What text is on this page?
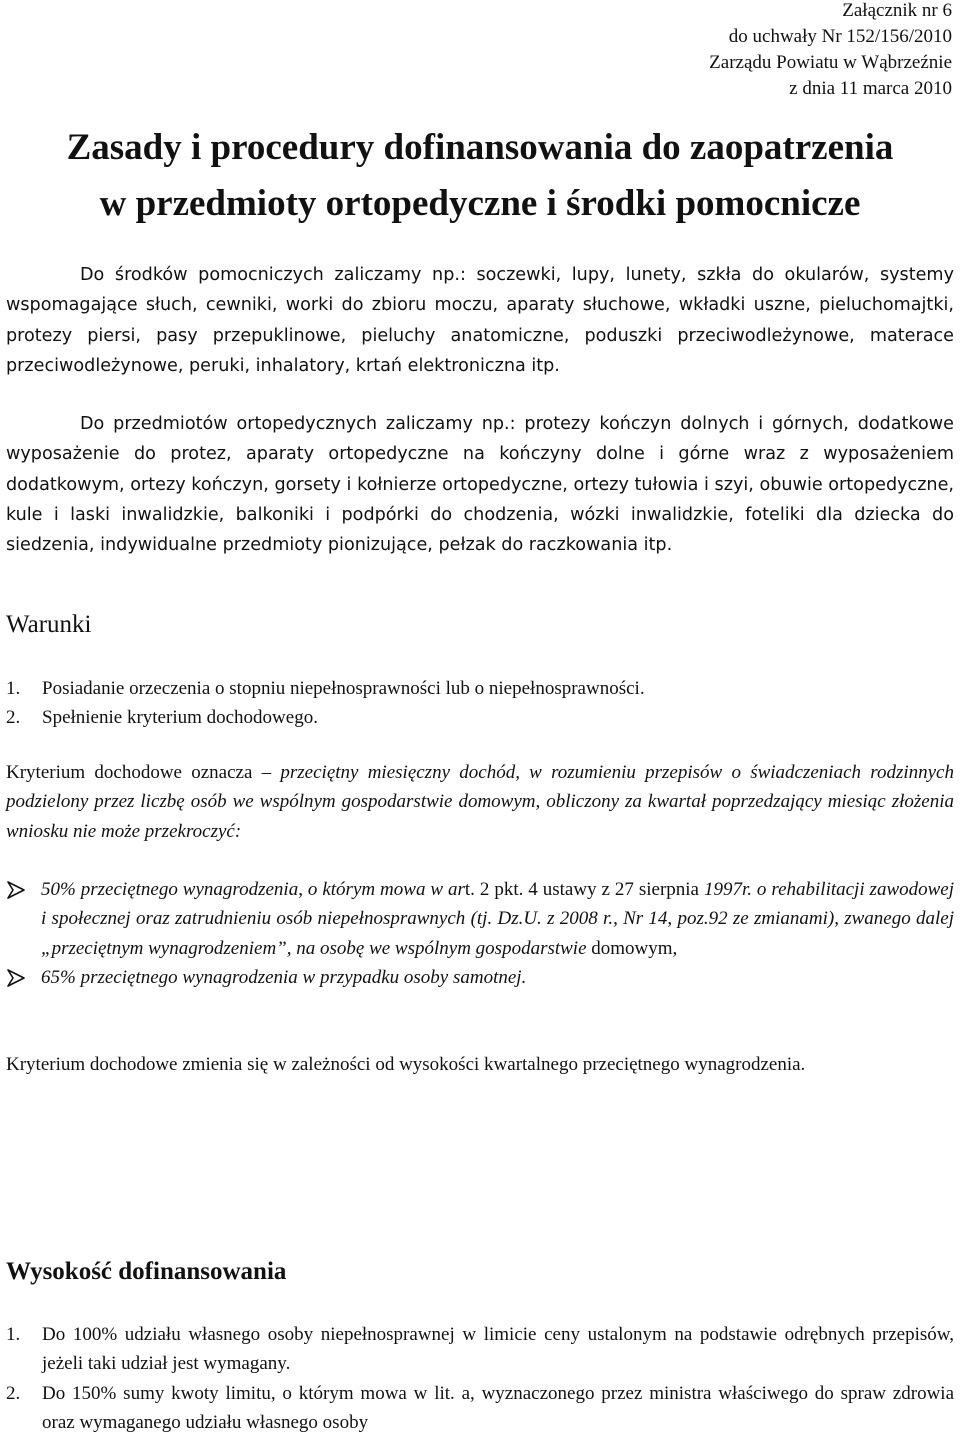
Załącznik nr 6
do uchwały Nr 152/156/2010
Zarządu Powiatu w Wąbrzeźnie
z dnia 11 marca 2010
Zasady i procedury dofinansowania do zaopatrzenia
w przedmioty ortopedyczne i środki pomocnicze

Do środków pomocniczych zaliczamy np.: soczewki, lupy, lunety, szkła do okularów, systemy wspomagające słuch, cewniki, worki do zbioru moczu, aparaty słuchowe, wkładki uszne, pieluchomajtki, protezy piersi, pasy przepuklinowe, pieluchy anatomiczne, poduszki przeciwodleżynowe, materace przeciwodleżynowe, peruki, inhalatory, krtań elektroniczna itp.

Do przedmiotów ortopedycznych zaliczamy np.: protezy kończyn dolnych i górnych, dodatkowe wyposażenie do protez, aparaty ortopedyczne na kończyny dolne i górne wraz z wyposażeniem dodatkowym, ortezy kończyn, gorsety i kołnierze ortopedyczne, ortezy tułowia i szyi, obuwie ortopedyczne, kule i laski inwalidzkie, balkoniki i podpórki do chodzenia, wózki inwalidzkie, foteliki dla dziecka do siedzenia, indywidualne przedmioty pionizujące, pełzak do raczkowania itp.

Warunki
1. Posiadanie orzeczenia o stopniu niepełnosprawności lub o niepełnosprawności.
2. Spełnienie kryterium dochodowego.

Kryterium dochodowe oznacza – przeciętny miesięczny dochód, w rozumieniu przepisów o świadczeniach rodzinnych podzielony przez liczbę osób we wspólnym gospodarstwie domowym, obliczony za kwartał poprzedzający miesiąc złożenia wniosku nie może przekroczyć:

50% przeciętnego wynagrodzenia, o którym mowa w art. 2 pkt. 4 ustawy z 27 sierpnia 1997r. o rehabilitacji zawodowej i społecznej oraz zatrudnieniu osób niepełnosprawnych (tj. Dz.U. z 2008 r., Nr 14, poz.92 ze zmianami), zwanego dalej „przeciętnym wynagrodzeniem”, na osobę we wspólnym gospodarstwie domowym,
65% przeciętnego wynagrodzenia w przypadku osoby samotnej.

Kryterium dochodowe zmienia się w zależności od wysokości kwartalnego przeciętnego wynagrodzenia.

Wysokość dofinansowania
1. Do 100% udziału własnego osoby niepełnosprawnej w limicie ceny ustalonym na podstawie odrębnych przepisów, jeżeli taki udział jest wymagany.
2. Do 150% sumy kwoty limitu, o którym mowa w lit. a, wyznaczonego przez ministra właściwego do spraw zdrowia oraz wymaganego udziału własnego osoby
